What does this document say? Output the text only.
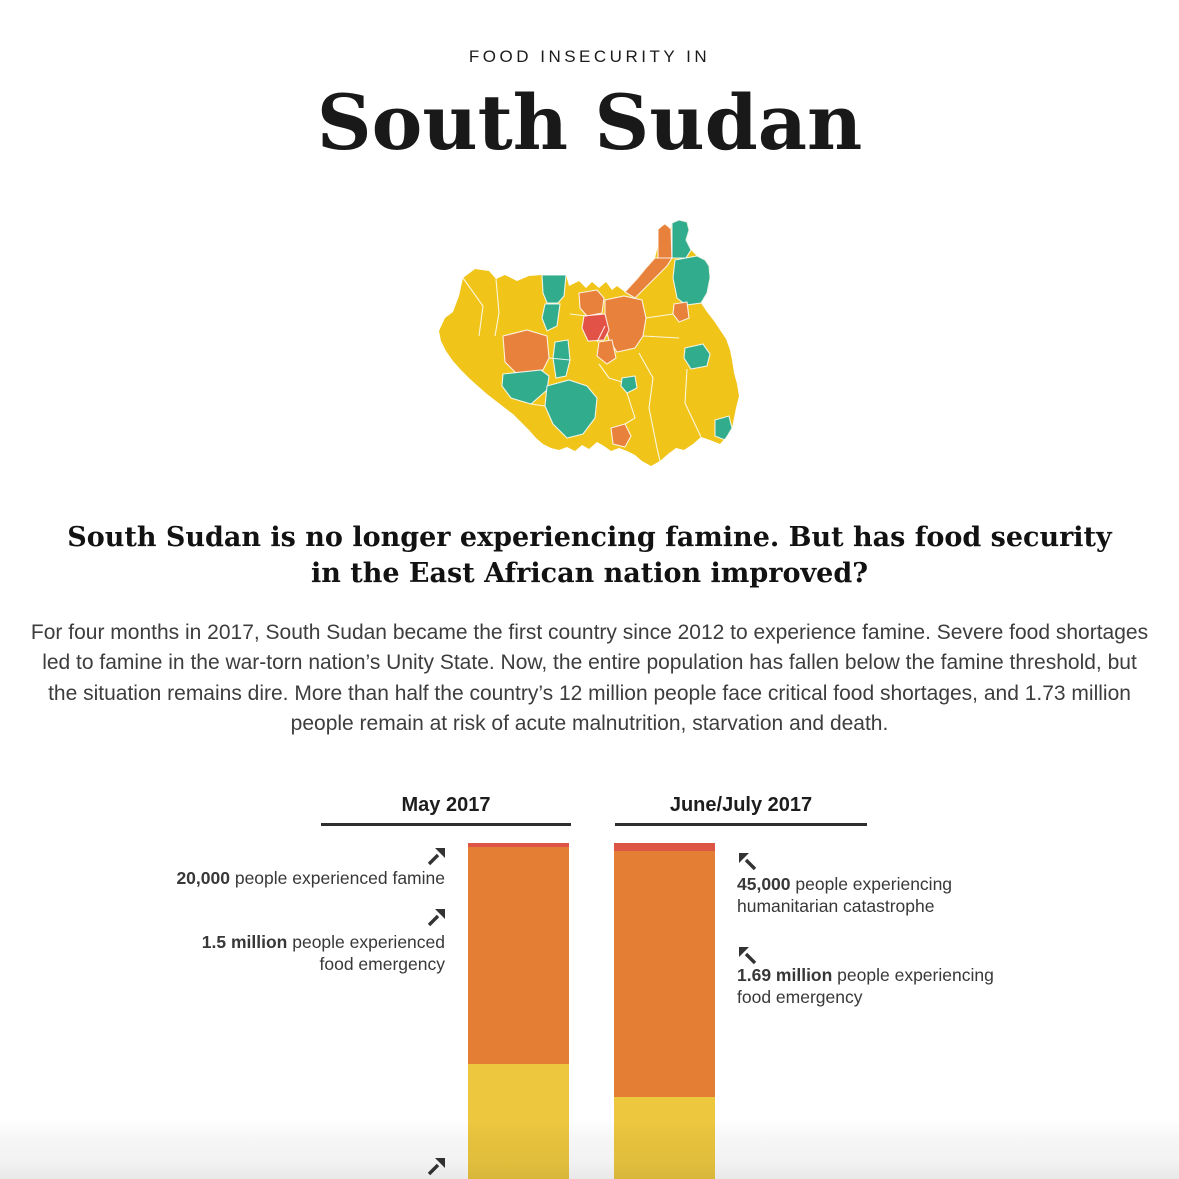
FOOD INSECURITY IN
South Sudan
South Sudan is no longer experiencing famine. But has food security in the East African nation improved?

For four months in 2017, South Sudan became the first country since 2012 to experience famine. Severe food shortages led to famine in the war-torn nation’s Unity State. Now, the entire population has fallen below the famine threshold, but the situation remains dire. More than half the country’s 12 million people face critical food shortages, and 1.73 million people remain at risk of acute malnutrition, starvation and death.

May 2017	June/July 2017
20,000 people experienced famine
1.5 million people experienced
food emergency
45,000 people experiencing
humanitarian catastrophe
1.69 million people experiencing
food emergency
